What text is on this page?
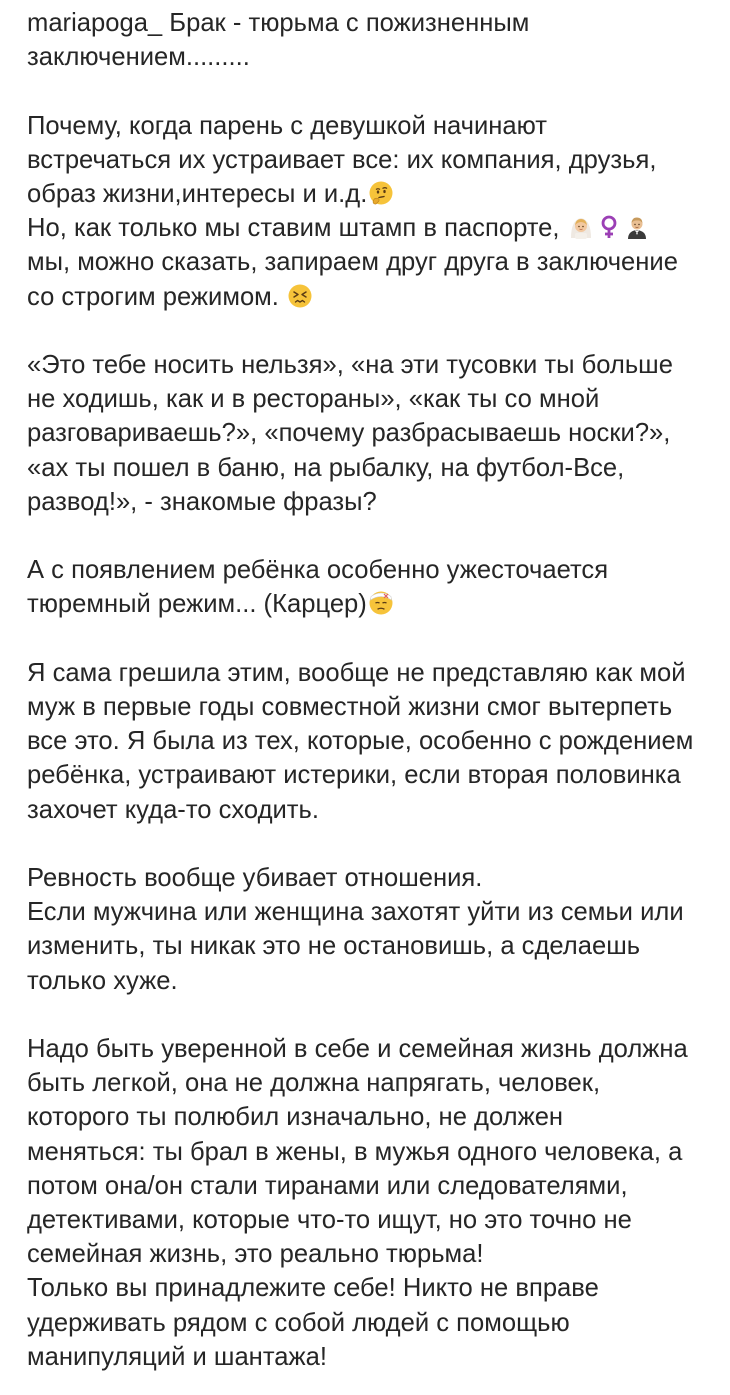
mariapoga_ Брак - тюрьма с пожизненным
заключением.........

Почему, когда парень с девушкой начинают
встречаться их устраивает все: их компания, друзья,
образ жизни,интересы и и.д.
Но, как только мы ставим штамп в паспорте,
мы, можно сказать, запираем друг друга в заключение
со строгим режимом.

«Это тебе носить нельзя», «на эти тусовки ты больше
не ходишь, как и в рестораны», «как ты со мной
разговариваешь?», «почему разбрасываешь носки?»,
«ах ты пошел в баню, на рыбалку, на футбол-Все,
развод!», - знакомые фразы?

А с появлением ребёнка особенно ужесточается
тюремный режим... (Карцер)

Я сама грешила этим, вообще не представляю как мой
муж в первые годы совместной жизни смог вытерпеть
все это. Я была из тех, которые, особенно с рождением
ребёнка, устраивают истерики, если вторая половинка
захочет куда-то сходить.

Ревность вообще убивает отношения.
Если мужчина или женщина захотят уйти из семьи или
изменить, ты никак это не остановишь, а сделаешь
только хуже.

Надо быть уверенной в себе и семейная жизнь должна
быть легкой, она не должна напрягать, человек,
которого ты полюбил изначально, не должен
меняться: ты брал в жены, в мужья одного человека, а
потом она/он стали тиранами или следователями,
детективами, которые что-то ищут, но это точно не
семейная жизнь, это реально тюрьма!
Только вы принадлежите себе! Никто не вправе
удерживать рядом с собой людей с помощью
манипуляций и шантажа!
